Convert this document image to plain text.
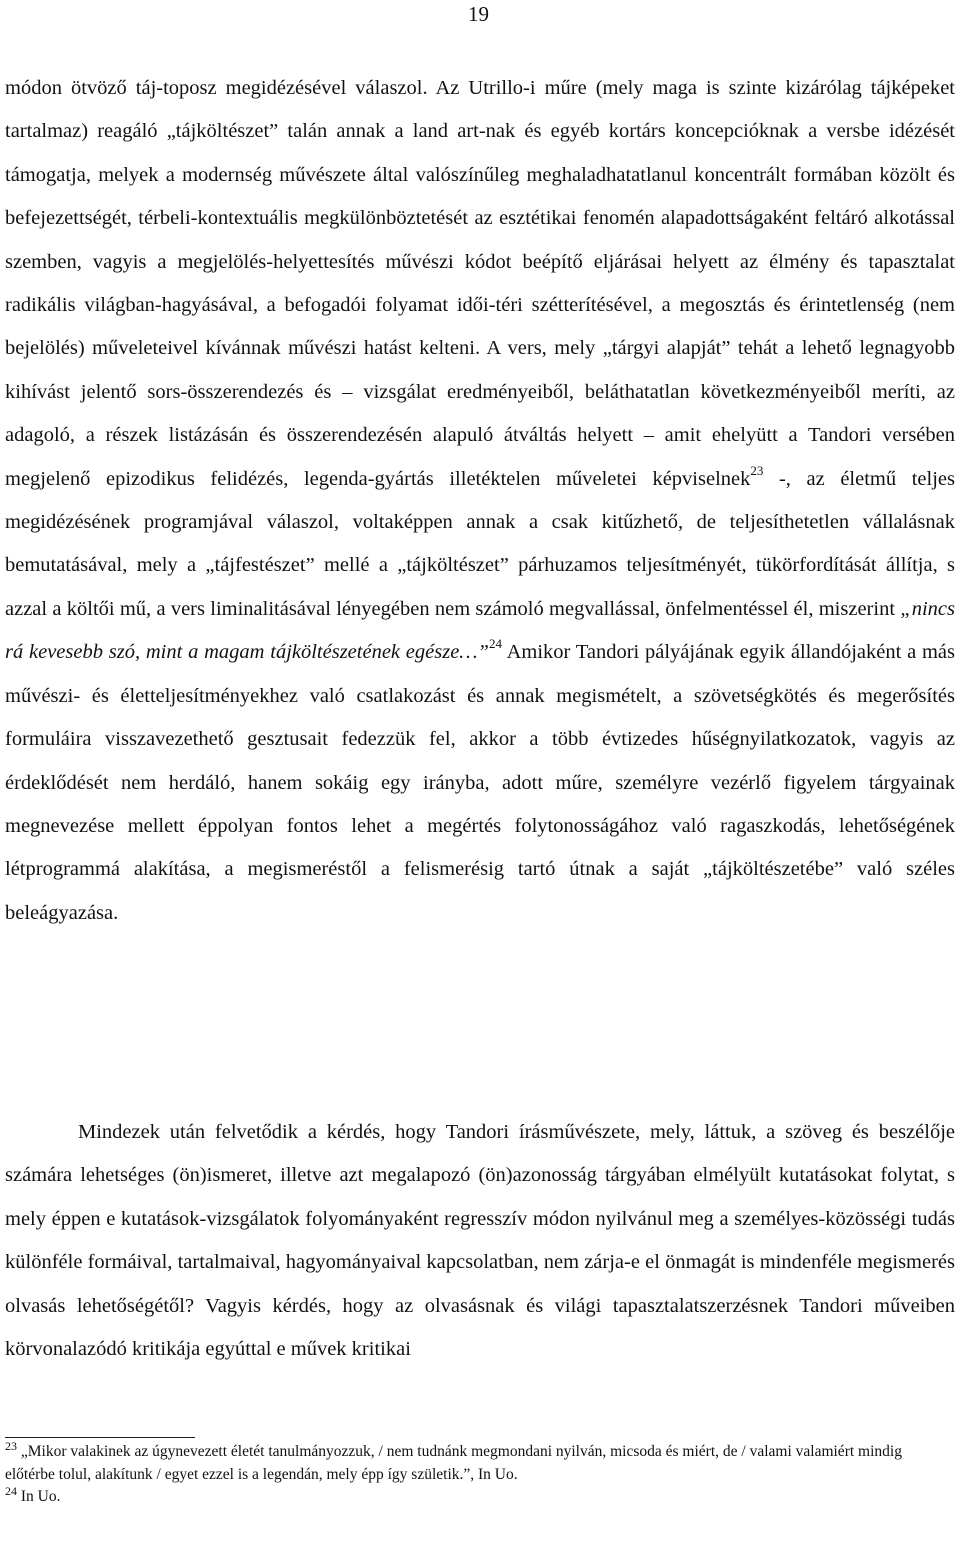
19

módon ötvöző táj-toposz megidézésével válaszol. Az Utrillo-i műre (mely maga is szinte kizárólag tájképeket tartalmaz) reagáló „tájköltészet” talán annak a land art-nak és egyéb kortárs koncepcióknak a versbe idézését támogatja, melyek a modernség művészete által valószínűleg meghaladhatatlanul koncentrált formában közölt és befejezettségét, térbeli-kontextuális megkülönböztetését az esztétikai fenomén alapadottságaként feltáró alkotással szemben, vagyis a megjelölés-helyettesítés művészi kódot beépítő eljárásai helyett az élmény és tapasztalat radikális világban-hagyásával, a befogadói folyamat idői-téri szétterítésével, a megosztás és érintetlenség (nem bejelölés) műveleteivel kívánnak művészi hatást kelteni. A vers, mely „tárgyi alapját” tehát a lehető legnagyobb kihívást jelentő sors-összerendezés és – vizsgálat eredményeiből, beláthatatlan következményeiből meríti, az adagoló, a részek listázásán és összerendezésén alapuló átváltás helyett – amit ehelyütt a Tandori versében megjelenő epizodikus felidézés, legenda-gyártás illetéktelen műveletei képviselnek$^{23}$ -, az életmű teljes megidézésének programjával válaszol, voltaképpen annak a csak kitűzhető, de teljesíthetetlen vállalásnak bemutatásával, mely a „tájfestészet” mellé a „tájköltészet” párhuzamos teljesítményét, tükörfordítását állítja, s azzal a költői mű, a vers liminalitásával lényegében nem számoló megvallással, önfelmentéssel él, miszerint „nincs rá kevesebb szó, mint a magam tájköltészetének egésze…”$^{24}$ Amikor Tandori pályájának egyik állandójaként a más művészi- és életteljesítményekhez való csatlakozást és annak megismételt, a szövetségkötés és megerősítés formuláira visszavezethető gesztusait fedezzük fel, akkor a több évtizedes hűségnyilatkozatok, vagyis az érdeklődését nem herdáló, hanem sokáig egy irányba, adott műre, személyre vezérlő figyelem tárgyainak megnevezése mellett éppolyan fontos lehet a megértés folytonosságához való ragaszkodás, lehetőségének létprogrammá alakítása, a megismeréstől a felismerésig tartó útnak a saját „tájköltészetébe” való széles beleágyazása.

Mindezek után felvetődik a kérdés, hogy Tandori írásművészete, mely, láttuk, a szöveg és beszélője számára lehetséges (ön)ismeret, illetve azt megalapozó (ön)azonosság tárgyában elmélyült kutatásokat folytat, s mely éppen e kutatások-vizsgálatok folyományaként regresszív módon nyilvánul meg a személyes-közösségi tudás különféle formáival, tartalmaival, hagyományaival kapcsolatban, nem zárja-e el önmagát is mindenféle megismerés olvasás lehetőségétől? Vagyis kérdés, hogy az olvasásnak és világi tapasztalatszerzésnek Tandori műveiben körvonalazódó kritikája egyúttal e művek kritikai

$^{23}$ „Mikor valakinek az úgynevezett életét tanulmányozzuk, / nem tudnánk megmondani nyilván, micsoda és miért, de / valami valamiért mindig előtérbe tolul, alakítunk / egyet ezzel is a legendán, mely épp így születik.”, In Uo.

$^{24}$ In Uo.
